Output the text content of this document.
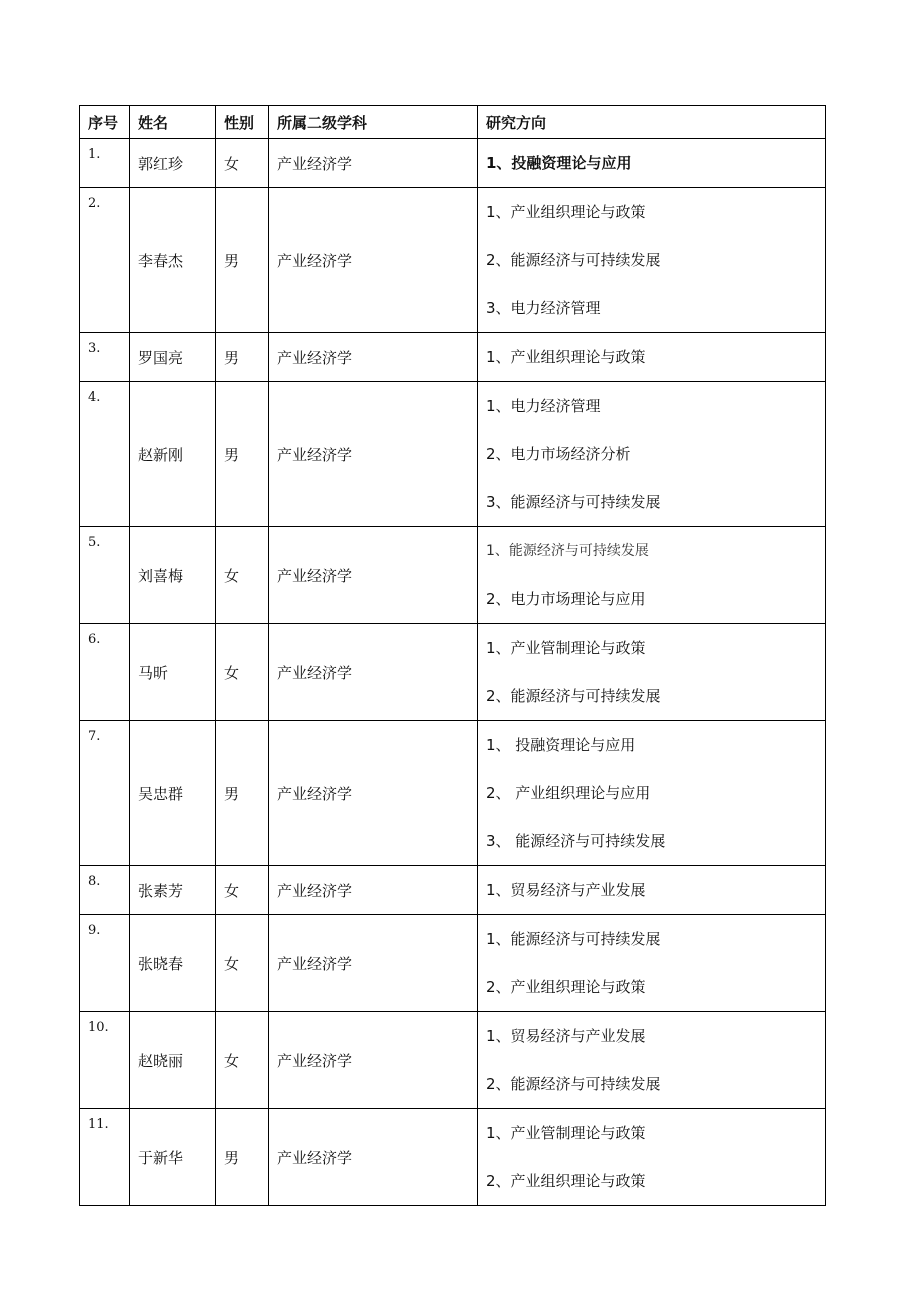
序号	姓名	性别	所属二级学科	研究方向
1.	郭红珍	女	产业经济学	1、投融资理论与应用

2.	李春杰	男	产业经济学	1、产业组织理论与政策
2、能源经济与可持续发展
3、电力经济管理

3.	罗国亮	男	产业经济学	1、产业组织理论与政策

4.	赵新刚	男	产业经济学	1、电力经济管理
2、电力市场经济分析
3、能源经济与可持续发展

5.	刘喜梅	女	产业经济学	1、能源经济与可持续发展
2、电力市场理论与应用

6.	马昕	女	产业经济学	1、产业管制理论与政策
2、能源经济与可持续发展

7.	吴忠群	男	产业经济学	1、 投融资理论与应用
2、 产业组织理论与应用
3、 能源经济与可持续发展

8.	张素芳	女	产业经济学	1、贸易经济与产业发展

9.	张晓春	女	产业经济学	1、能源经济与可持续发展
2、产业组织理论与政策

10.	赵晓丽	女	产业经济学	1、贸易经济与产业发展
2、能源经济与可持续发展

11.	于新华	男	产业经济学	1、产业管制理论与政策
2、产业组织理论与政策
